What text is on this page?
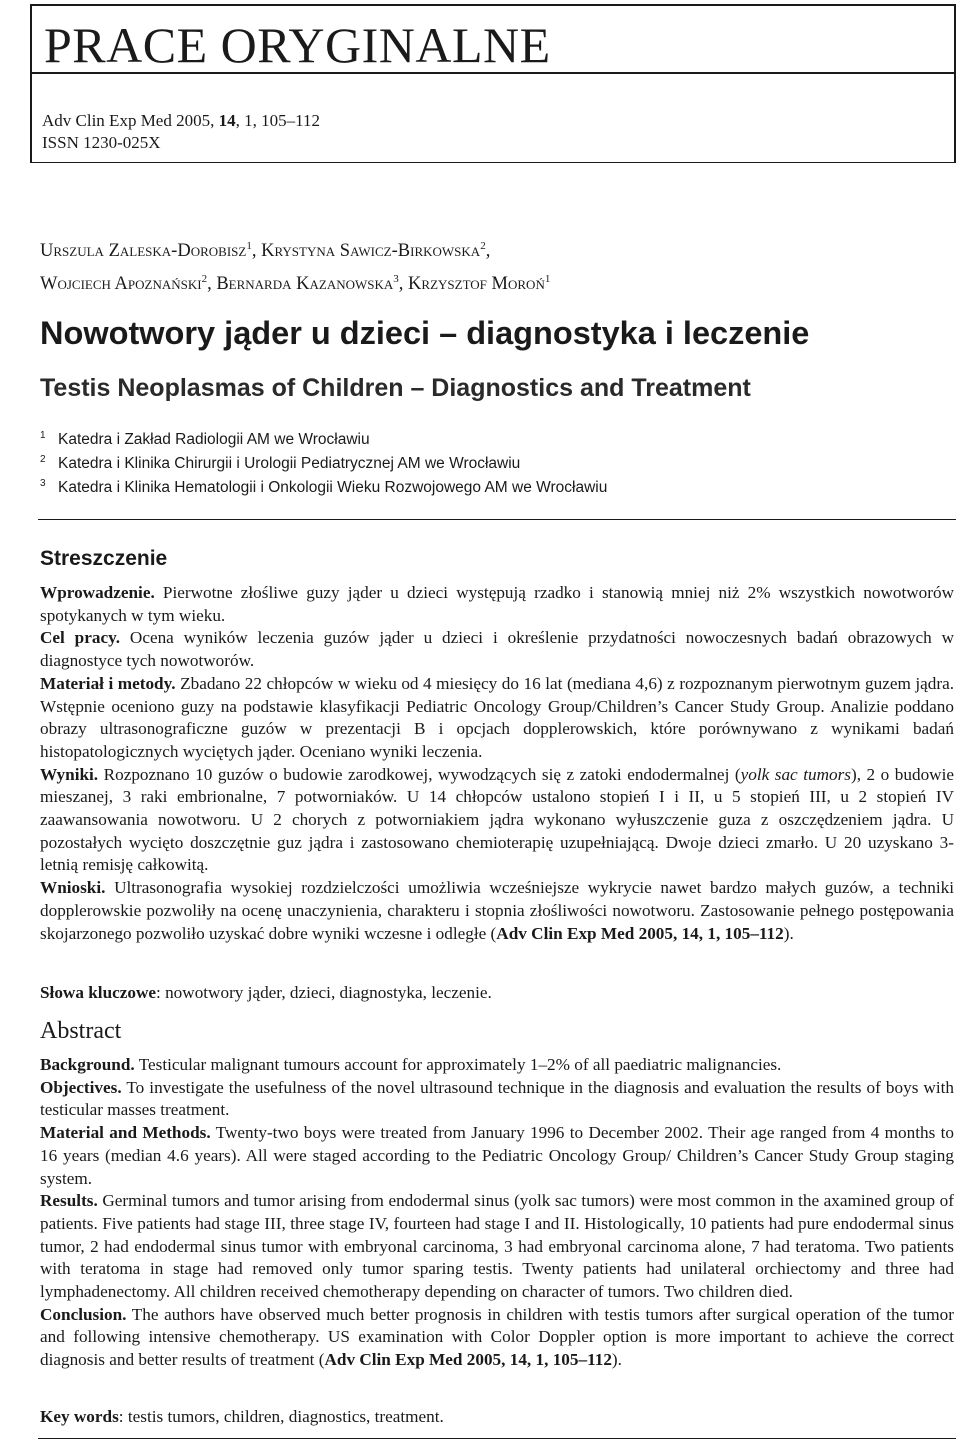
PRACE ORYGINALNE
Adv Clin Exp Med 2005, 14, 1, 105–112
ISSN 1230-025X
Urszula Zaleska-Dorobisz$^1$, Krystyna Sawicz-Birkowska$^2$,
Wojciech Apoznański$^2$, Bernarda Kazanowska$^3$, Krzysztof Moroń$^1$
Nowotwory jąder u dzieci – diagnostyka i leczenie
Testis Neoplasmas of Children – Diagnostics and Treatment
1 Katedra i Zakład Radiologii AM we Wrocławiu
2 Katedra i Klinika Chirurgii i Urologii Pediatrycznej AM we Wrocławiu
3 Katedra i Klinika Hematologii i Onkologii Wieku Rozwojowego AM we Wrocławiu
Streszczenie

Wprowadzenie. Pierwotne złośliwe guzy jąder u dzieci występują rzadko i stanowią mniej niż 2% wszystkich nowotworów spotykanych w tym wieku.

Cel pracy. Ocena wyników leczenia guzów jąder u dzieci i określenie przydatności nowoczesnych badań obrazowych w diagnostyce tych nowotworów.

Materiał i metody. Zbadano 22 chłopców w wieku od 4 miesięcy do 16 lat (mediana 4,6) z rozpoznanym pierwotnym guzem jądra. Wstępnie oceniono guzy na podstawie klasyfikacji Pediatric Oncology Group/Children’s Cancer Study Group. Analizie poddano obrazy ultrasonograficzne guzów w prezentacji B i opcjach dopplerowskich, które porównywano z wynikami badań histopatologicznych wyciętych jąder. Oceniano wyniki leczenia.

Wyniki. Rozpoznano 10 guzów o budowie zarodkowej, wywodzących się z zatoki endodermalnej (yolk sac tumors), 2 o budowie mieszanej, 3 raki embrionalne, 7 potworniaków. U 14 chłopców ustalono stopień I i II, u 5 stopień III, u 2 stopień IV zaawansowania nowotworu. U 2 chorych z potworniakiem jądra wykonano wyłuszczenie guza z oszczędzeniem jądra. U pozostałych wycięto doszczętnie guz jądra i zastosowano chemioterapię uzupełniającą. Dwoje dzieci zmarło. U 20 uzyskano 3-letnią remisję całkowitą.

Wnioski. Ultrasonografia wysokiej rozdzielczości umożliwia wcześniejsze wykrycie nawet bardzo małych guzów, a techniki dopplerowskie pozwoliły na ocenę unaczynienia, charakteru i stopnia złośliwości nowotworu. Zastosowanie pełnego postępowania skojarzonego pozwoliło uzyskać dobre wyniki wczesne i odległe (Adv Clin Exp Med 2005, 14, 1, 105–112).

Słowa kluczowe: nowotwory jąder, dzieci, diagnostyka, leczenie.
Abstract

Background. Testicular malignant tumours account for approximately 1–2% of all paediatric malignancies.

Objectives. To investigate the usefulness of the novel ultrasound technique in the diagnosis and evaluation the results of boys with testicular masses treatment.

Material and Methods. Twenty-two boys were treated from January 1996 to December 2002. Their age ranged from 4 months to 16 years (median 4.6 years). All were staged according to the Pediatric Oncology Group/ Children’s Cancer Study Group staging system.

Results. Germinal tumors and tumor arising from endodermal sinus (yolk sac tumors) were most common in the axamined group of patients. Five patients had stage III, three stage IV, fourteen had stage I and II. Histologically, 10 patients had pure endodermal sinus tumor, 2 had endodermal sinus tumor with embryonal carcinoma, 3 had embryonal carcinoma alone, 7 had teratoma. Two patients with teratoma in stage had removed only tumor sparing testis. Twenty patients had unilateral orchiectomy and three had lymphadenectomy. All children received chemotherapy depending on character of tumors. Two children died.

Conclusion. The authors have observed much better prognosis in children with testis tumors after surgical operation of the tumor and following intensive chemotherapy. US examination with Color Doppler option is more important to achieve the correct diagnosis and better results of treatment (Adv Clin Exp Med 2005, 14, 1, 105–112).

Key words: testis tumors, children, diagnostics, treatment.
